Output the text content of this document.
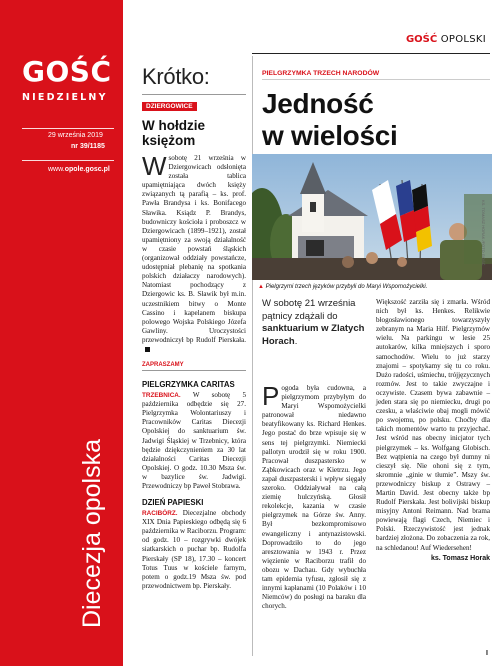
GOŚĆ
NIEDZIELNY
29 września 2019
nr 39/1185
www.opole.gosc.pl
Diecezja opolska
GOŚĆ OPOLSKI
Krótko:
DZIERGOWICE
W hołdzie księżom
Wsobotę 21 września w Dziergowicach odsłonięta została tablica upamiętniająca dwóch księży związanych tą parafią – ks. prof. Pawła Brandysa i ks. Bonifacego Sławika. Ksiądz P. Brandys, budowniczy kościoła i proboszcz w Dziergowicach (1899–1921), został upamiętniony za swoją działalność w czasie powstań śląskich (organizował oddziały powstańcze, udostępniał plebanię na spotkania polskich działaczy narodowych). Natomiast pochodzący z Dziergowic ks. B. Sławik był m.in. uczestnikiem bitwy o Monte Cassino i kapelanem biskupa polowego Wojska Polskiego Józefa Gawliny. Uroczystości przewodniczył bp Rudolf Pierskała.
ZAPRASZAMY
PIELGRZYMKA CARITAS
TRZEBNICA. W sobotę 5 października odbędzie się 27. Pielgrzymka Wolontariuszy i Pracowników Caritas Diecezji Opolskiej do sanktuarium św. Jadwigi Śląskiej w Trzebnicy, która będzie dziękczynieniem za 30 lat działalności Caritas Diecezji Opolskiej. O godz. 10.30 Msza św. w bazylice św. Jadwigi. Przewodniczy bp Paweł Stobrawa.
DZIEŃ PAPIESKI
RACIBÓRZ. Diecezjalne obchody XIX Dnia Papieskiego odbędą się 6 października w Raciborzu. Program: od godz. 10 – rozgrywki dwójek siatkarskich o puchar bp. Rudolfa Pierskały (SP 18), 17.30 – koncert Totus Tuus w kościele farnym, potem o godz.19 Msza św. pod przewodnictwem bp. Pierskały.
PIELGRZYMKA TRZECH NARODÓW
Jedność
w wielości
KS. TOMASZ HORAK /FOTO GOŚĆ
▲ Pielgrzymi trzech języków przybyli do Maryi Wspomożycielki.
W sobotę 21 września pątnicy zdążali do sanktuarium w Zlatych Horach.
Pogoda była cudowna, a pielgrzymom przybyłym do Maryi Wspomożycielki patronował niedawno beatyfikowany ks. Richard Henkes. Jego postać do brze wpisuje się w sens tej pielgrzymki. Niemiecki pallotyn urodził się w roku 1900. Pracował duszpastersko w Ząbkowicach oraz w Kietrzu. Jego zapał duszpasterski i wpływ sięgały szeroko. Oddziaływał na całą ziemię hulczyńską. Głosił rekolekcje, kazania w czasie pielgrzymek na Górze św. Anny. Był bezkompromisowo ewangeliczny i antynazistowski. Doprowadziło to do jego aresztowania w 1943 r. Przez więzienie w Raciborzu trafił do obozu w Dachau. Gdy wybuchła tam epidemia tyfusu, zgłosił się z innymi kapłanami (10 Polaków i 10 Niemców) do posługi na baraku dla chorych.
Większość zarziła się i zmarła. Wśród nich był ks. Henkes. Relikwie błogosławionego towarzyszyły zebranym na Maria Hilf. Pielgrzymów wielu. Na parkingu w lesie 25 autokarów, kilka mniejszych i sporo samochodów. Wielu to już starzy znajomi – spotykamy się tu co roku. Dużo radości, uśmiechu, trójjęzycznych rozmów. Jest to takie zwyczajne i oczywiste. Czasem bywa zabawnie – jeden stara się po niemiecku, drugi po czesku, a właściwie obaj mogli mówić po swojemu, po polsku. Choćby dla takich momentów warto tu przyjechać. Jest wśród nas obecny inicjator tych pielgrzymek – ks. Wolfgang Globisch. Bez wątpienia na czego był dumny ni cieszył się. Nie ohoni się z tym, skromnie „ginie w tłumie”. Mszy św. przewodniczy biskup z Ostrawy – Martin David. Jest obecny także bp Rudolf Pierskała. Jest bolivijski biskup misyjny Antoni Reimann. Nad brama powiewają flagi Czech, Niemiec i Polski. Rzeczywistość jest jednak bardziej złożona. Do zobaczenia za rok, na schledanou! Auf Wiedersehen!
ks. Tomasz Horak
I
